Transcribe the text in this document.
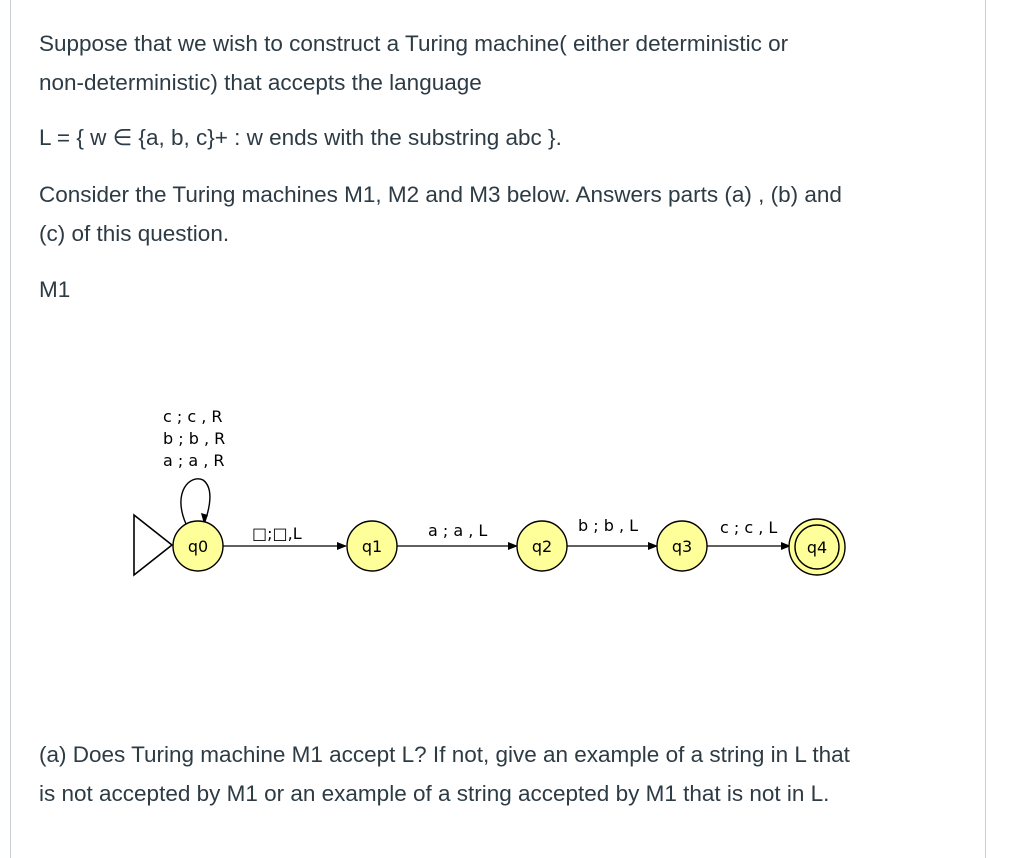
Suppose that we wish to construct a Turing machine( either deterministic or
non-deterministic) that accepts the language

L = { w ∈ {a, b, c}+ : w ends with the substring abc }.

Consider the Turing machines M1, M2 and M3 below. Answers parts (a) , (b) and
(c) of this question.

M1

c ; c , R
b ; b , R
a ; a , R
□;□,L	a ; a , L	b ; b , L	c ; c , L
q0	q1	q2	q3	q4

(a) Does Turing machine M1 accept L? If not, give an example of a string in L that
is not accepted by M1 or an example of a string accepted by M1 that is not in L.
